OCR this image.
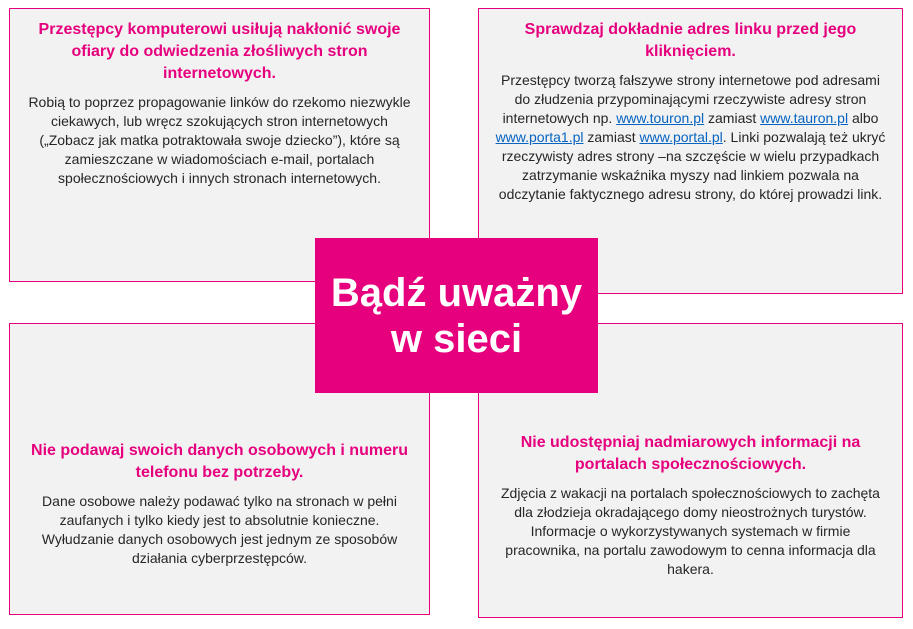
Przestępcy komputerowi usiłują nakłonić swoje ofiary do odwiedzenia złośliwych stron internetowych.

Robią to poprzez propagowanie linków do rzekomo niezwykle ciekawych, lub wręcz szokujących stron internetowych („Zobacz jak matka potraktowała swoje dziecko”), które są zamieszczane w wiadomościach e-mail, portalach społecznościowych i innych stronach internetowych.

Sprawdzaj dokładnie adres linku przed jego kliknięciem.

Przestępcy tworzą fałszywe strony internetowe pod adresami do złudzenia przypominającymi rzeczywiste adresy stron internetowych np. www.touron.pl zamiast www.tauron.pl albo www.porta1.pl zamiast www.portal.pl. Linki pozwalają też ukryć rzeczywisty adres strony –na szczęście w wielu przypadkach zatrzymanie wskaźnika myszy nad linkiem pozwala na odczytanie faktycznego adresu strony, do której prowadzi link.

Nie podawaj swoich danych osobowych i numeru telefonu bez potrzeby.

Dane osobowe należy podawać tylko na stronach w pełni zaufanych i tylko kiedy jest to absolutnie konieczne. Wyłudzanie danych osobowych jest jednym ze sposobów działania cyberprzestępców.

Nie udostępniaj nadmiarowych informacji na portalach społecznościowych.

Zdjęcia z wakacji na portalach społecznościowych to zachęta dla złodzieja okradającego domy nieostrożnych turystów. Informacje o wykorzystywanych systemach w firmie pracownika, na portalu zawodowym to cenna informacja dla hakera.

Bądź uważny
w sieci
